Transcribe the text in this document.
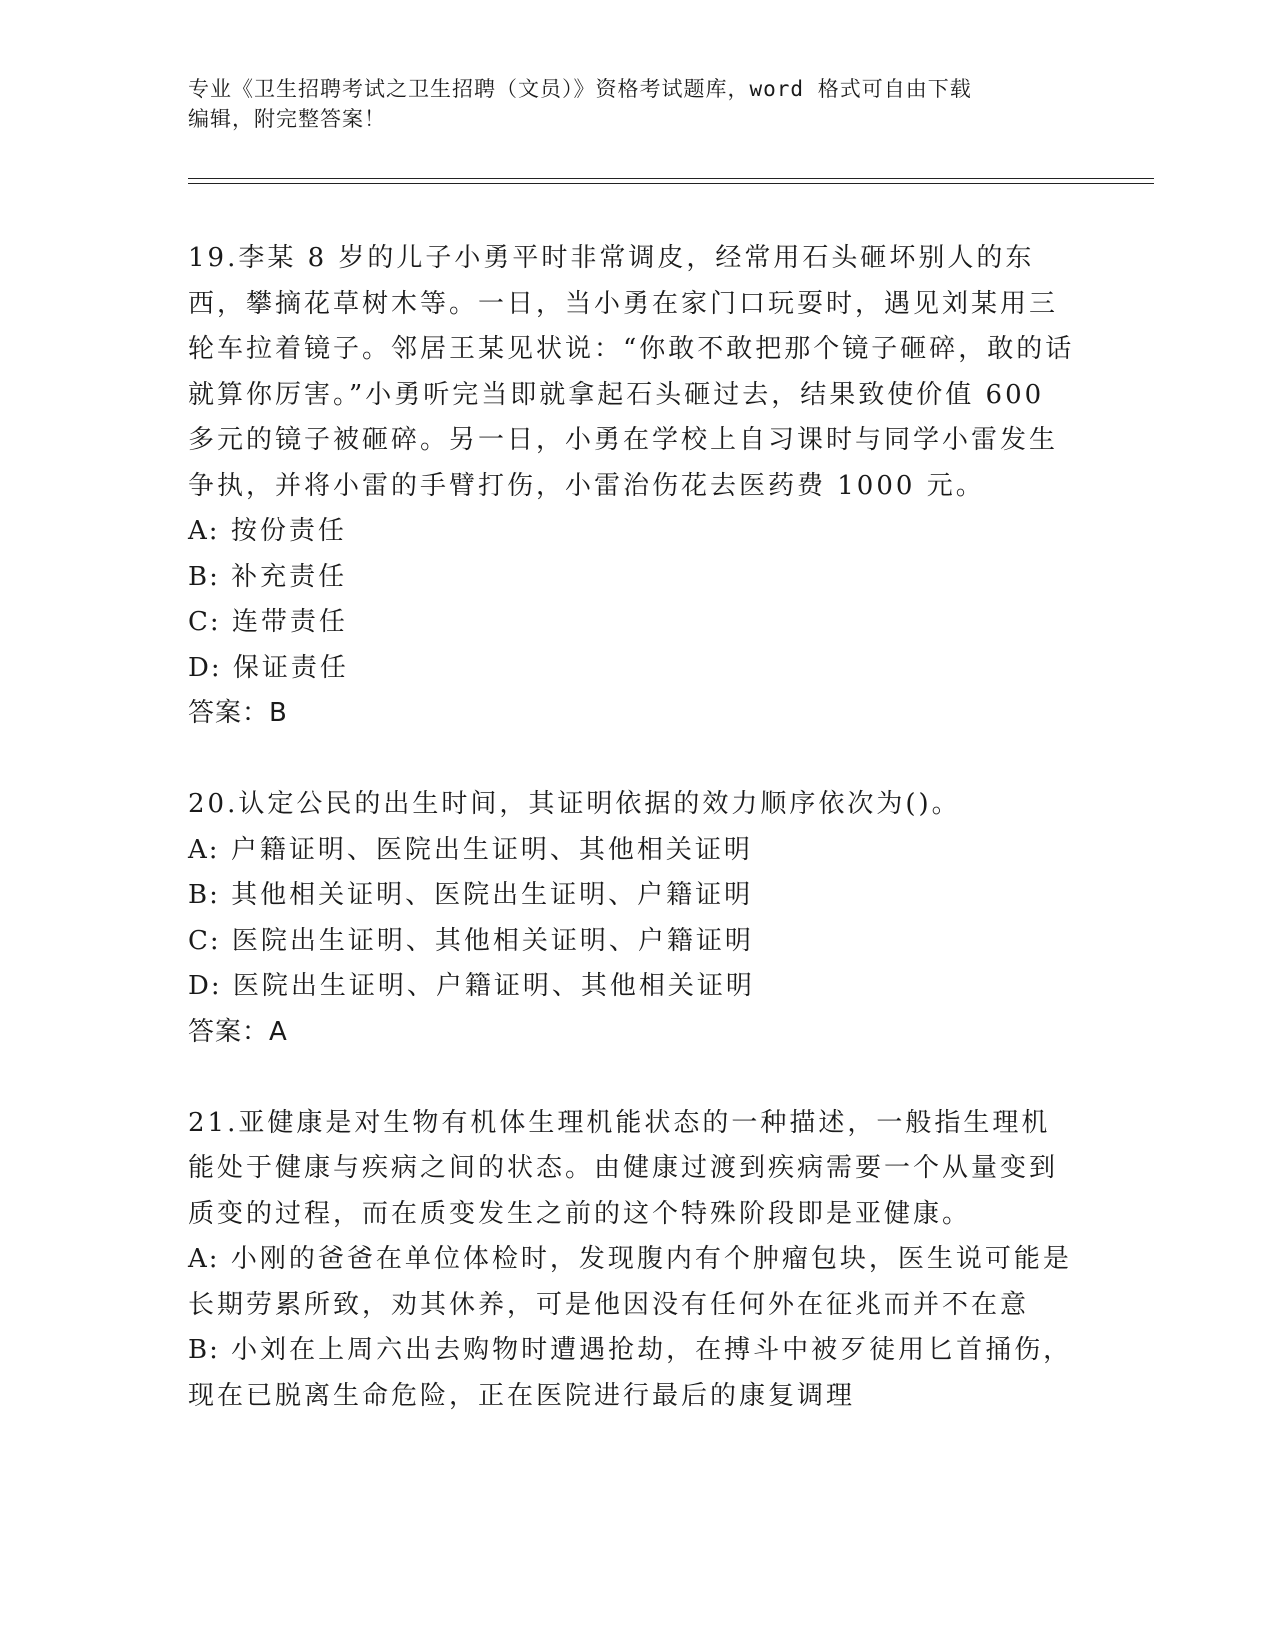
专业《卫生招聘考试之卫生招聘（文员）》资格考试题库，word 格式可自由下载
编辑，附完整答案！
19.李某 8 岁的儿子小勇平时非常调皮，经常用石头砸坏别人的东西，攀摘花草树木等。一日，当小勇在家门口玩耍时，遇见刘某用三轮车拉着镜子。邻居王某见状说：“你敢不敢把那个镜子砸碎，敢的话就算你厉害。”小勇听完当即就拿起石头砸过去，结果致使价值 600 多元的镜子被砸碎。另一日，小勇在学校上自习课时与同学小雷发生争执，并将小雷的手臂打伤，小雷治伤花去医药费 1000 元。
A: 按份责任
B: 补充责任
C: 连带责任
D: 保证责任
答案：B
20.认定公民的出生时间，其证明依据的效力顺序依次为()。
A: 户籍证明、医院出生证明、其他相关证明
B: 其他相关证明、医院出生证明、户籍证明
C: 医院出生证明、其他相关证明、户籍证明
D: 医院出生证明、户籍证明、其他相关证明
答案：A
21.亚健康是对生物有机体生理机能状态的一种描述，一般指生理机能处于健康与疾病之间的状态。由健康过渡到疾病需要一个从量变到质变的过程，而在质变发生之前的这个特殊阶段即是亚健康。
A: 小刚的爸爸在单位体检时，发现腹内有个肿瘤包块，医生说可能是长期劳累所致，劝其休养，可是他因没有任何外在征兆而并不在意
B: 小刘在上周六出去购物时遭遇抢劫，在搏斗中被歹徒用匕首捅伤，现在已脱离生命危险，正在医院进行最后的康复调理
